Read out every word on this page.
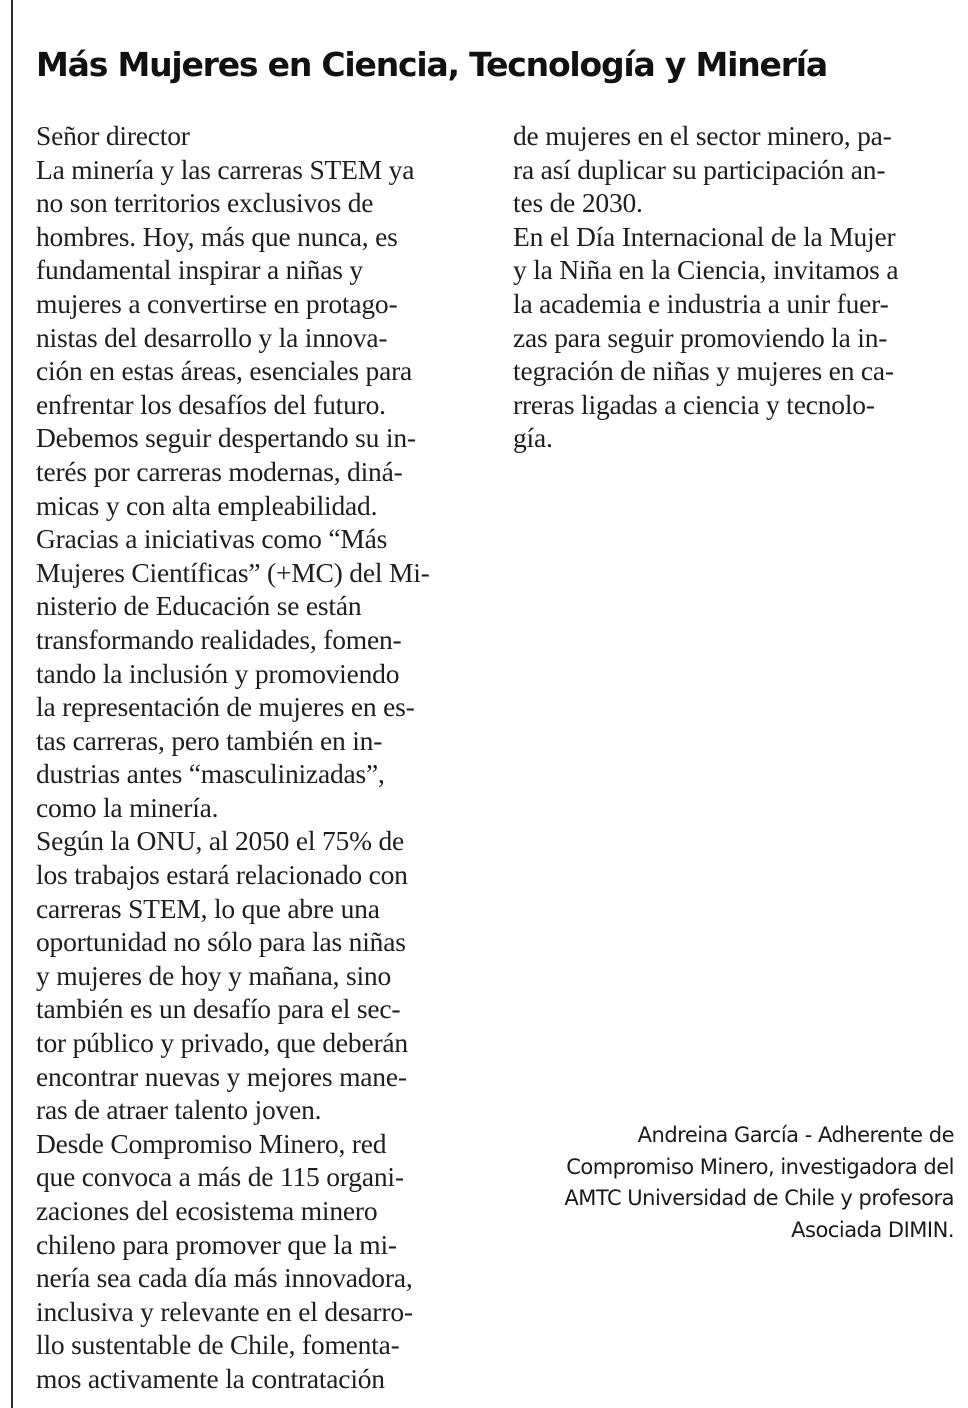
Más Mujeres en Ciencia, Tecnología y Minería
Señor director
La minería y las carreras STEM ya
no son territorios exclusivos de
hombres. Hoy, más que nunca, es
fundamental inspirar a niñas y
mujeres a convertirse en protago-
nistas del desarrollo y la innova-
ción en estas áreas, esenciales para
enfrentar los desafíos del futuro.
Debemos seguir despertando su in-
terés por carreras modernas, diná-
micas y con alta empleabilidad.
Gracias a iniciativas como “Más
Mujeres Científicas” (+MC) del Mi-
nisterio de Educación se están
transformando realidades, fomen-
tando la inclusión y promoviendo
la representación de mujeres en es-
tas carreras, pero también en in-
dustrias antes “masculinizadas”,
como la minería.
Según la ONU, al 2050 el 75% de
los trabajos estará relacionado con
carreras STEM, lo que abre una
oportunidad no sólo para las niñas
y mujeres de hoy y mañana, sino
también es un desafío para el sec-
tor público y privado, que deberán
encontrar nuevas y mejores mane-
ras de atraer talento joven.
Desde Compromiso Minero, red
que convoca a más de 115 organi-
zaciones del ecosistema minero
chileno para promover que la mi-
nería sea cada día más innovadora,
inclusiva y relevante en el desarro-
llo sustentable de Chile, fomenta-
mos activamente la contratación
de mujeres en el sector minero, pa-
ra así duplicar su participación an-
tes de 2030.
En el Día Internacional de la Mujer
y la Niña en la Ciencia, invitamos a
la academia e industria a unir fuer-
zas para seguir promoviendo la in-
tegración de niñas y mujeres en ca-
rreras ligadas a ciencia y tecnolo-
gía.
Andreina García - Adherente de
Compromiso Minero, investigadora del
AMTC Universidad de Chile y profesora
Asociada DIMIN.
